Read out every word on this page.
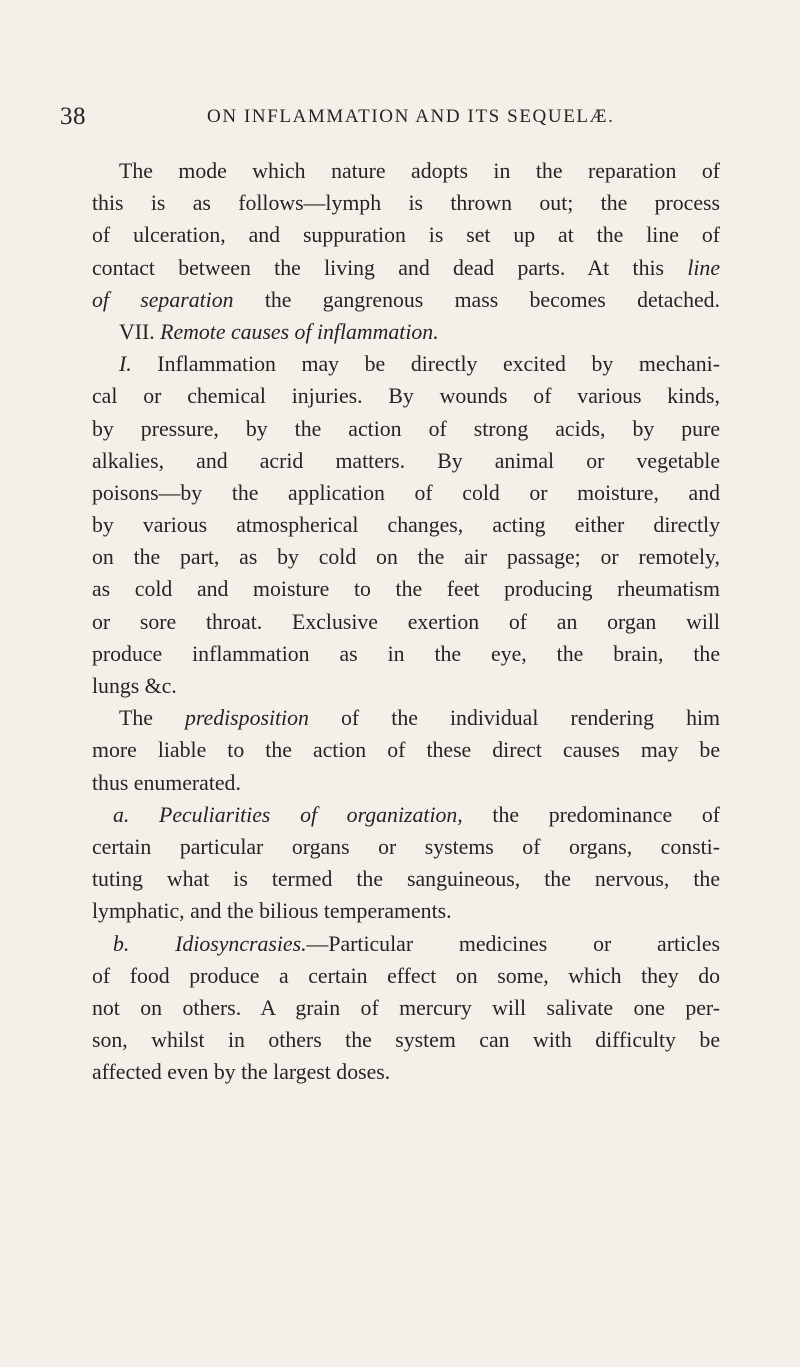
38	ON INFLAMMATION AND ITS SEQUELÆ.
The mode which nature adopts in the reparation of
this is as follows—lymph is thrown out; the process
of ulceration, and suppuration is set up at the line of
contact between the living and dead parts. At this line
of separation the gangrenous mass becomes detached.
VII. Remote causes of inflammation.
I. Inflammation may be directly excited by mechani-
cal or chemical injuries. By wounds of various kinds,
by pressure, by the action of strong acids, by pure
alkalies, and acrid matters. By animal or vegetable
poisons—by the application of cold or moisture, and
by various atmospherical changes, acting either directly
on the part, as by cold on the air passage; or remotely,
as cold and moisture to the feet producing rheumatism
or sore throat. Exclusive exertion of an organ will
produce inflammation as in the eye, the brain, the
lungs &c.
The predisposition of the individual rendering him
more liable to the action of these direct causes may be
thus enumerated.
a. Peculiarities of organization, the predominance of
certain particular organs or systems of organs, consti-
tuting what is termed the sanguineous, the nervous, the
lymphatic, and the bilious temperaments.
b. Idiosyncrasies.—Particular medicines or articles
of food produce a certain effect on some, which they do
not on others. A grain of mercury will salivate one per-
son, whilst in others the system can with difficulty be
affected even by the largest doses.
